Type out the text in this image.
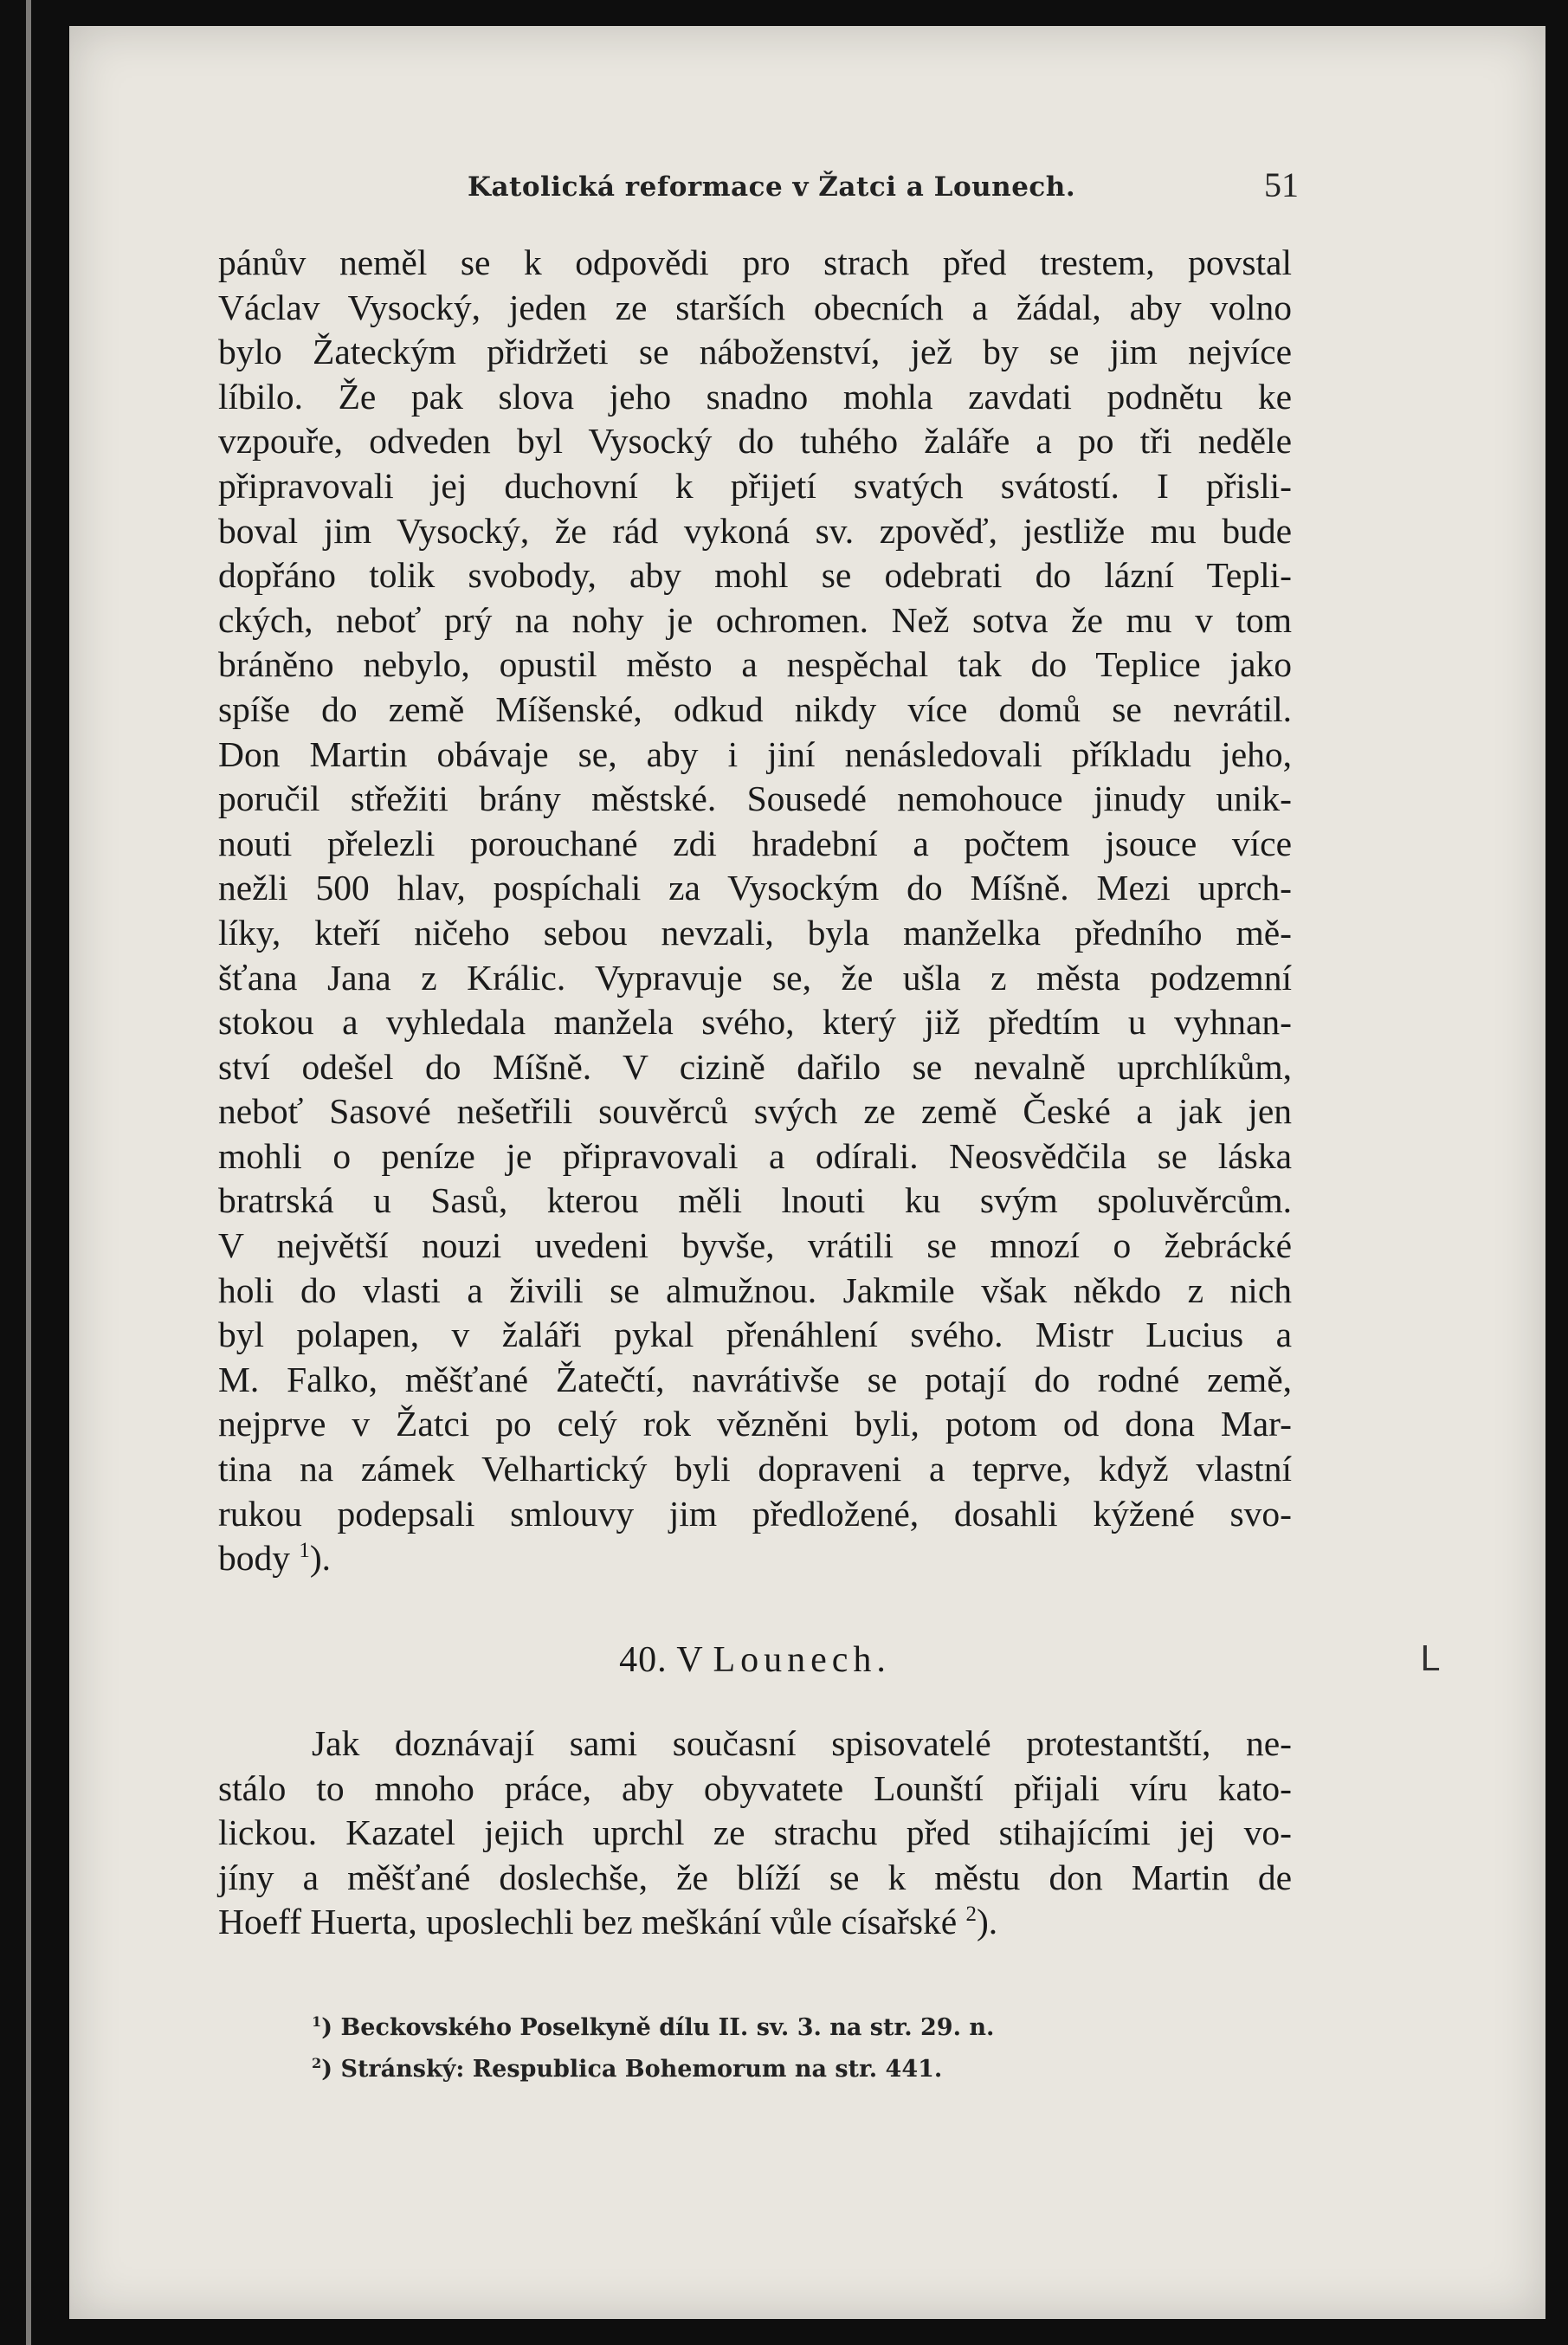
Katolická reformace v Žatci a Lounech.	51
pánův neměl se k odpovědi pro strach před trestem, povstal
Václav Vysocký, jeden ze starších obecních a žádal, aby volno
bylo Žateckým přidržeti se náboženství, jež by se jim nejvíce
líbilo. Že pak slova jeho snadno mohla zavdati podnětu ke
vzpouře, odveden byl Vysocký do tuhého žaláře a po tři neděle
připravovali jej duchovní k přijetí svatých svátostí. I přisli-
boval jim Vysocký, že rád vykoná sv. zpověď, jestliže mu bude
dopřáno tolik svobody, aby mohl se odebrati do lázní Tepli-
ckých, neboť prý na nohy je ochromen. Než sotva že mu v tom
bráněno nebylo, opustil město a nespěchal tak do Teplice jako
spíše do země Míšenské, odkud nikdy více domů se nevrátil.
Don Martin obávaje se, aby i jiní nenásledovali příkladu jeho,
poručil střežiti brány městské. Sousedé nemohouce jinudy unik-
nouti přelezli porouchané zdi hradební a počtem jsouce více
nežli 500 hlav, pospíchali za Vysockým do Míšně. Mezi uprch-
líky, kteří ničeho sebou nevzali, byla manželka předního mě-
šťana Jana z Králic. Vypravuje se, že ušla z města podzemní
stokou a vyhledala manžela svého, který již předtím u vyhnan-
ství odešel do Míšně. V cizině dařilo se nevalně uprchlíkům,
neboť Sasové nešetřili souvěrců svých ze země České a jak jen
mohli o peníze je připravovali a odírali. Neosvědčila se láska
bratrská u Sasů, kterou měli lnouti ku svým spoluvěrcům.
V největší nouzi uvedeni byvše, vrátili se mnozí o žebrácké
holi do vlasti a živili se almužnou. Jakmile však někdo z nich
byl polapen, v žaláři pykal přenáhlení svého. Mistr Lucius a
M. Falko, měšťané Žatečtí, navrátivše se potají do rodné země,
nejprve v Žatci po celý rok vězněni byli, potom od dona Mar-
tina na zámek Velhartický byli dopraveni a teprve, když vlastní
rukou podepsali smlouvy jim předložené, dosahli kýžené svo-
body $^1$).
40. V Lounech.	ᒪ
Jak doznávají sami současní spisovatelé protestantští, ne-
stálo to mnoho práce, aby obyvatete Lounští přijali víru kato-
lickou. Kazatel jejich uprchl ze strachu před stihajícími jej vo-
jíny a měšťané doslechše, že blíží se k městu don Martin de
Hoeff Huerta, uposlechli bez meškání vůle císařské $^2$).
$^1$) Beckovského Poselkyně dílu II. sv. 3. na str. 29. n.
$^2$) Stránský: Respublica Bohemorum na str. 441.
